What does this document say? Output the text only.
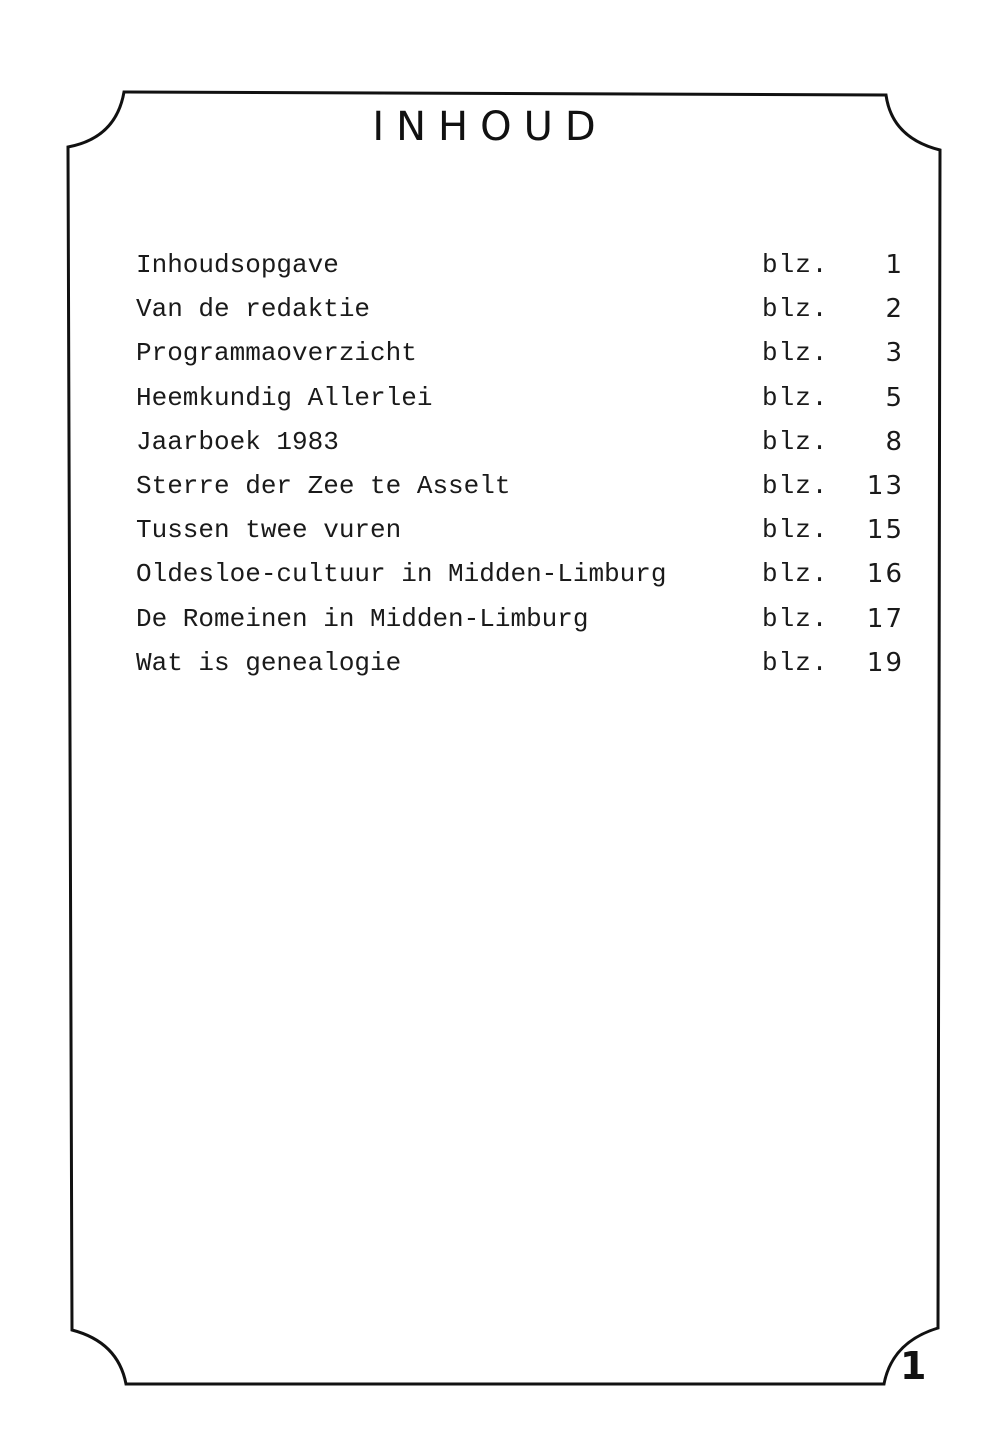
INHOUD
Inhoudsopgave	blz.	1
Van de redaktie	blz.	2
Programmaoverzicht	blz.	3
Heemkundig Allerlei	blz.	5
Jaarboek 1983	blz.	8
Sterre der Zee te Asselt	blz.	13
Tussen twee vuren	blz.	15
Oldesloe-cultuur in Midden-Limburg	blz.	16
De Romeinen in Midden-Limburg	blz.	17
Wat is genealogie	blz.	19
1
